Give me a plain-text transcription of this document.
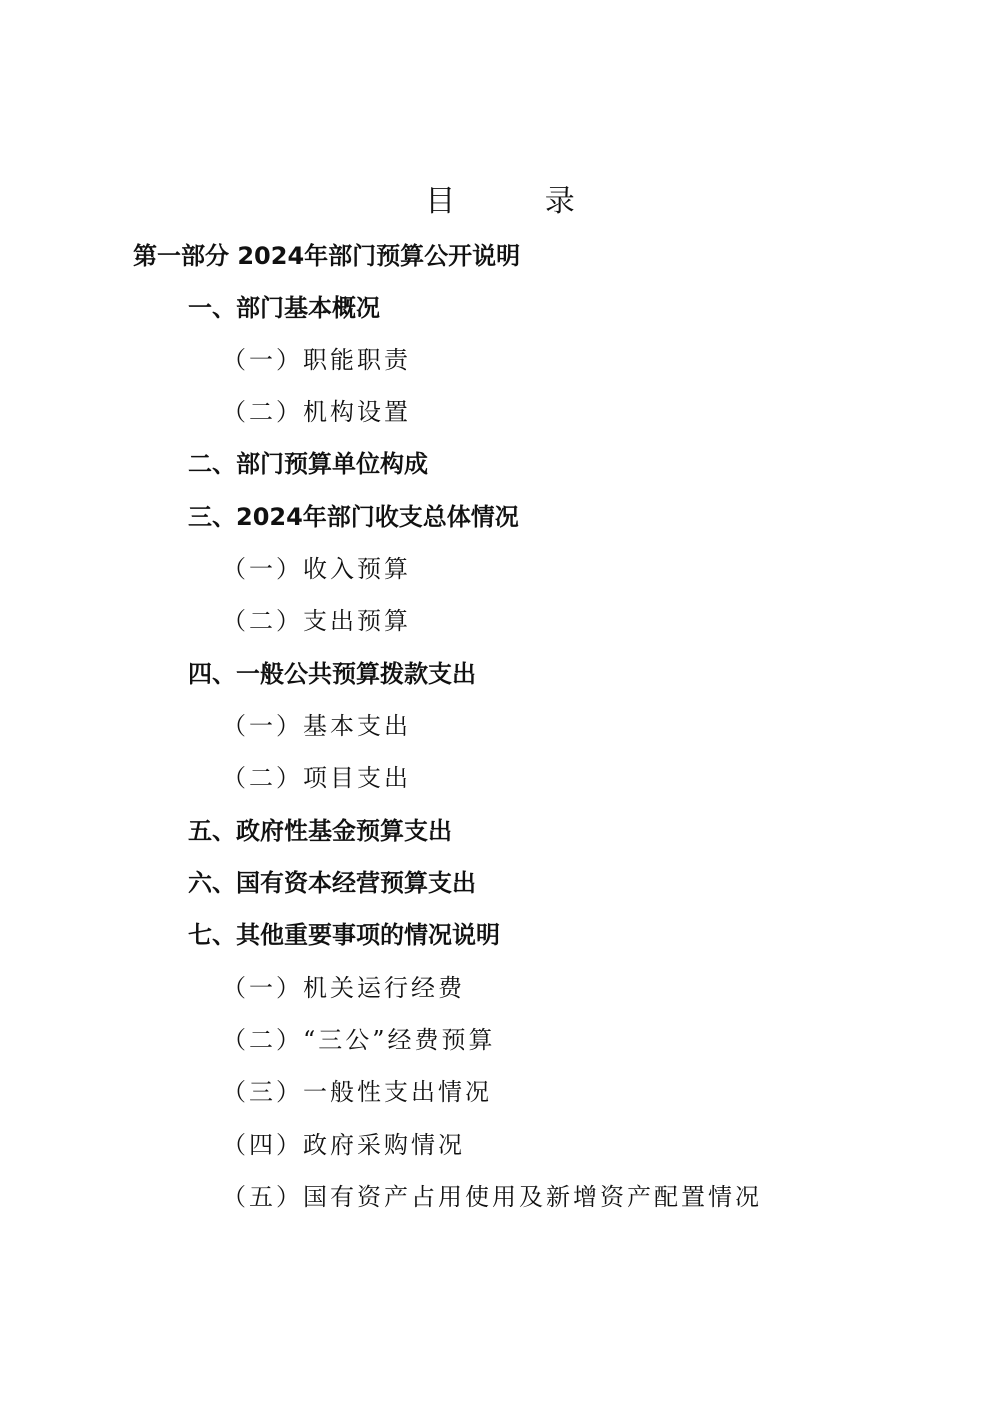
目 录
第一部分 2024年部门预算公开说明
一、部门基本概况
（一）职能职责
（二）机构设置
二、部门预算单位构成
三、2024年部门收支总体情况
（一）收入预算
（二）支出预算
四、一般公共预算拨款支出
（一）基本支出
（二）项目支出
五、政府性基金预算支出
六、国有资本经营预算支出
七、其他重要事项的情况说明
（一）机关运行经费
（二）“三公”经费预算
（三）一般性支出情况
（四）政府采购情况
（五）国有资产占用使用及新增资产配置情况
